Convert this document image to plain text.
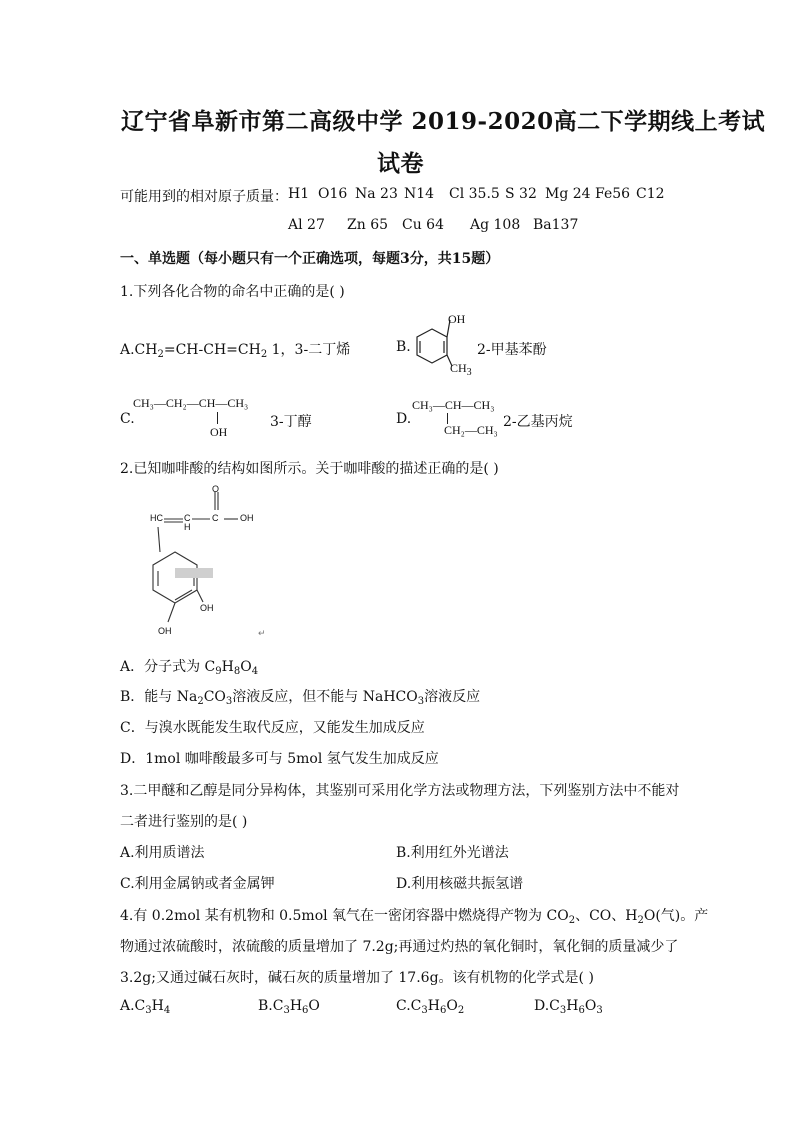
辽宁省阜新市第二高级中学 2019-2020高二下学期线上考试
试卷
可能用到的相对原子质量： H1 O16 Na 23 N14 Cl 35.5 S 32 Mg 24 Fe56 C12
Al 27 Zn 65 Cu 64 Ag 108 Ba137
一、单选题（每小题只有一个正确选项，每题3分，共15题）
1.下列各化合物的命名中正确的是( )
$A.CH_2=CH-CH=CH_2$ 1，3-二丁烯	B.
OH
$CH_3$
2-甲基苯酚
C.
CH₃—CH₂—CH—CH₃
OH
3-丁醇	D.
CH₃—CH—CH₃
CH₂—CH₃ 2-乙基丙烷
2.已知咖啡酸的结构如图所示。关于咖啡酸的描述正确的是( )
HC C
H
C
O
OH
OH
OH	↵
A．分子式为 $C_9H_8O_4$
B．能与 $Na_2CO_3$溶液反应，但不能与 NaHCO$_3$溶液反应
C．与溴水既能发生取代反应，又能发生加成反应
D．1mol 咖啡酸最多可与 5mol 氢气发生加成反应
3.二甲醚和乙醇是同分异构体，其鉴别可采用化学方法或物理方法，下列鉴别方法中不能对
二者进行鉴别的是( )
A.利用质谱法	B.利用红外光谱法
C.利用金属钠或者金属钾	D.利用核磁共振氢谱
4.有 0.2mol 某有机物和 0.5mol 氧气在一密闭容器中燃烧得产物为 $CO_2$、CO、$H_2O$(气)。产
物通过浓硫酸时，浓硫酸的质量增加了 7.2g;再通过灼热的氧化铜时，氧化铜的质量减少了
3.2g;又通过碱石灰时，碱石灰的质量增加了 17.6g。该有机物的化学式是( )
$A.C_3H_4$	$B.C_3H_6O$	$C.C_3H_6O_2$	$D.C_3H_6O_3$
